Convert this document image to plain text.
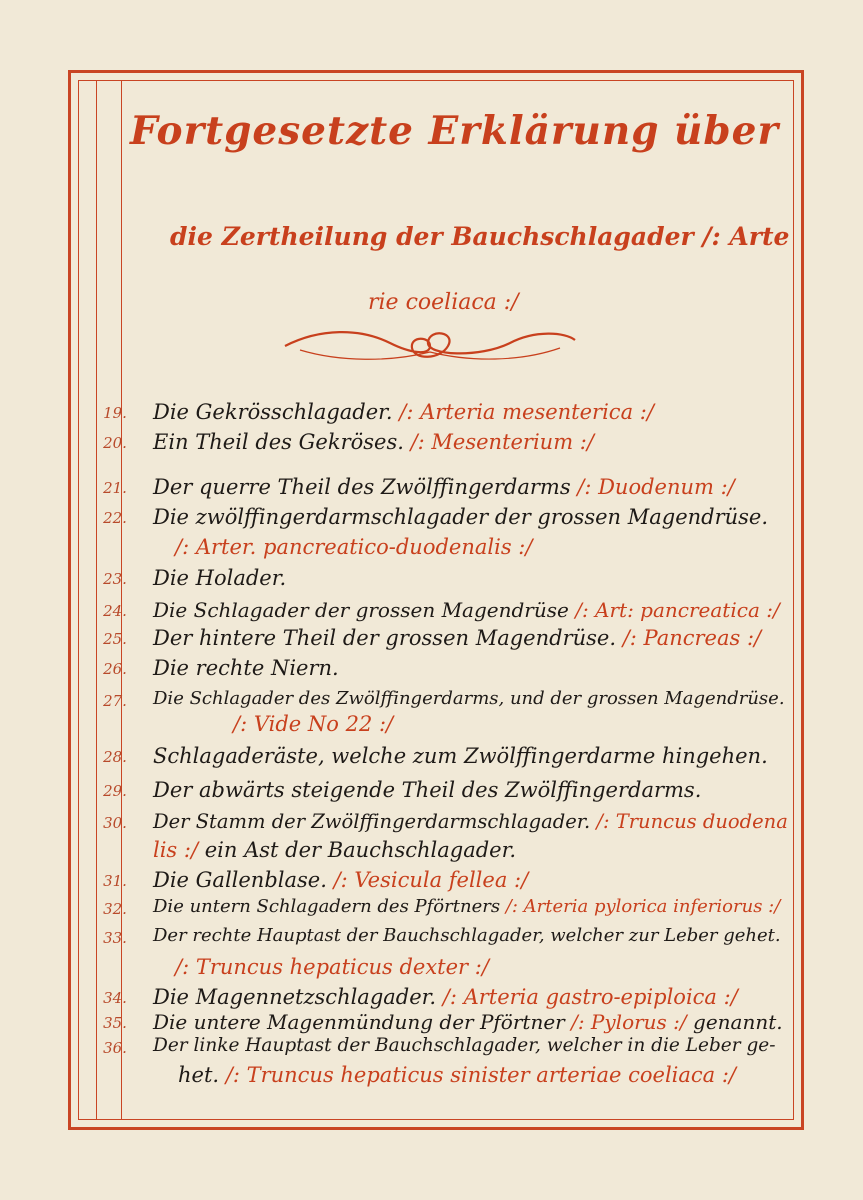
Fortgesetzte Erklärung über
die Zertheilung der Bauchschlagader /: Arte
rie coeliaca :/
19. Die Gekrösschlagader. /: Arteria mesenterica :/
20. Ein Theil des Gekröses. /: Mesenterium :/
21. Der querre Theil des Zwölffingerdarms /: Duodenum :/
22. Die zwölffingerdarmschlagader der grossen Magendrüse.
/: Arter. pancreatico-duodenalis :/
23. Die Holader.
24. Die Schlagader der grossen Magendrüse /: Art: pancreatica :/
25. Der hintere Theil der grossen Magendrüse. /: Pancreas :/
26. Die rechte Niern.
27. Die Schlagader des Zwölffingerdarms, und der grossen Magendrüse.
/: Vide No 22 :/
28. Schlagaderäste, welche zum Zwölffingerdarme hingehen.
29. Der abwärts steigende Theil des Zwölffingerdarms.
30. Der Stamm der Zwölffingerdarmschlagader. /: Truncus duodena
lis :/ ein Ast der Bauchschlagader.
31. Die Gallenblase. /: Vesicula fellea :/
32. Die untern Schlagadern des Pförtners /: Arteria pylorica inferiorus :/
33. Der rechte Hauptast der Bauchschlagader, welcher zur Leber gehet.
/: Truncus hepaticus dexter :/
34. Die Magennetzschlagader. /: Arteria gastro-epiploica :/
35. Die untere Magenmündung der Pförtner /: Pylorus :/ genannt.
36. Der linke Hauptast der Bauchschlagader, welcher in die Leber ge-
het. /: Truncus hepaticus sinister arteriae coeliaca :/
